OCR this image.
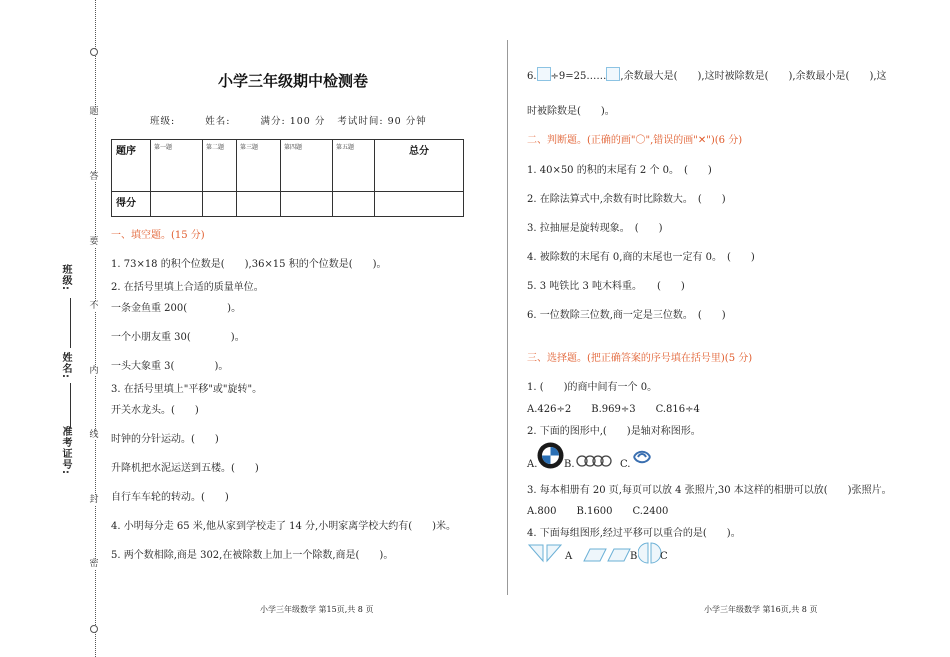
题
答
要
不
内
线
封
密
班级:
姓名:
准考证号:
小学三年级期中检测卷
班级:	姓名:	满分: 100 分 考试时间: 90 分钟
题序	第一题	第二题	第三题	第四题	第五题	总分
得分						
一、填空题。(15 分)
1. 73×18 的积个位数是(　　),36×15 积的个位数是(　　)。
2. 在括号里填上合适的质量单位。
一条金鱼重 200(　　　　)。
一个小朋友重 30(　　　　)。
一头大象重 3(　　　　)。
3. 在括号里填上"平移"或"旋转"。
开关水龙头。(　　)
时钟的分针运动。(　　)
升降机把水泥运送到五楼。(　　)
自行车车轮的转动。(　　)
4. 小明每分走 65 米,他从家到学校走了 14 分,小明家离学校大约有(　　)米。
5. 两个数相除,商是 302,在被除数上加上一个除数,商是(　　)。
小学三年级数学 第15页,共 8 页
6. ÷9=25…… ,余数最大是(　　),这时被除数是(　　),余数最小是(　　),这
时被除数是(　　)。
二、判断题。(正确的画"〇",错误的画"✕")(6 分)
1. 40×50 的积的末尾有 2 个 0。　(　　)
2. 在除法算式中,余数有时比除数大。　(　　)
3. 拉抽屉是旋转现象。　(　　)
4. 被除数的末尾有 0,商的末尾也一定有 0。　(　　)
5. 3 吨铁比 3 吨木料重。　　(　　)
6. 一位数除三位数,商一定是三位数。　(　　)
三、选择题。(把正确答案的序号填在括号里)(5 分)
1. (　　)的商中间有一个 0。
A.426÷2　　B.969÷3　　C.816÷4
2. 下面的图形中,(　　)是轴对称图形。
A.	B.	C.
3. 每本相册有 20 页,每页可以放 4 张照片,30 本这样的相册可以放(　　)张照片。
A.800　　B.1600　　C.2400
4. 下面每组图形,经过平移可以重合的是(　　)。
A	B C
小学三年级数学 第16页,共 8 页
